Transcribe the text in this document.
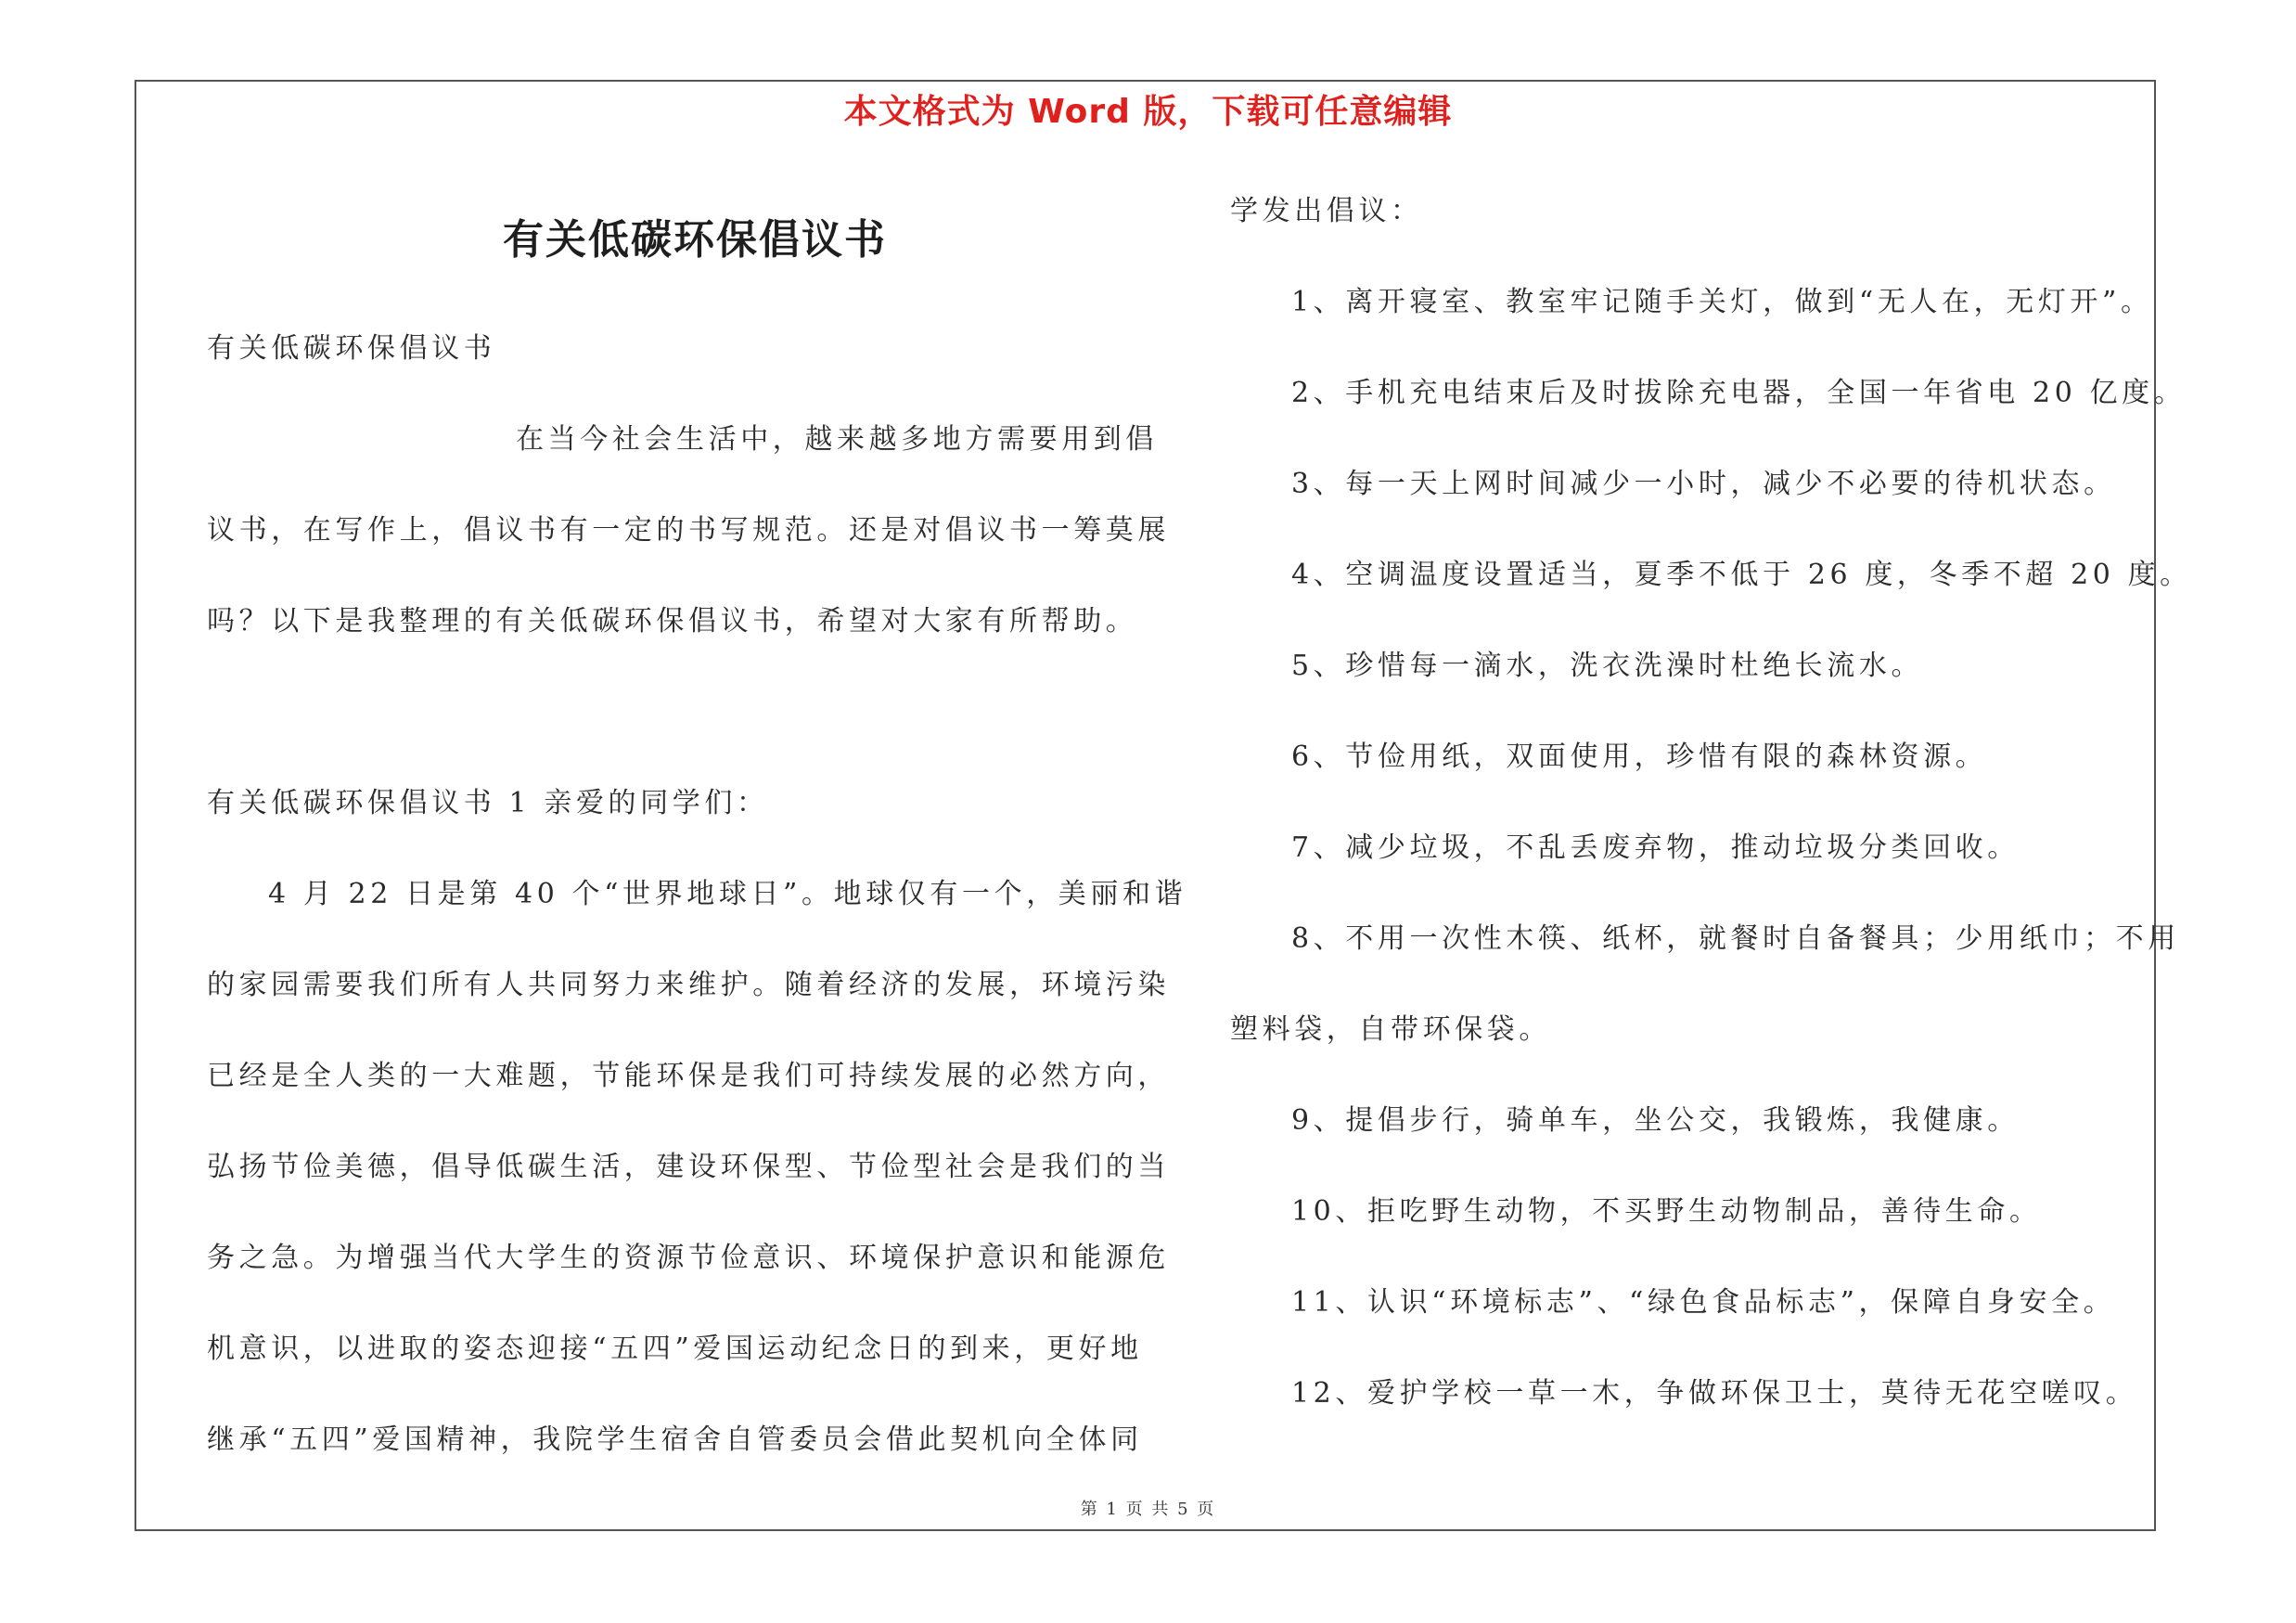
本文格式为 Word 版，下载可任意编辑
有关低碳环保倡议书
有关低碳环保倡议书
在当今社会生活中，越来越多地方需要用到倡
议书，在写作上，倡议书有一定的书写规范。还是对倡议书一筹莫展
吗？以下是我整理的有关低碳环保倡议书，希望对大家有所帮助。
有关低碳环保倡议书 1 亲爱的同学们：
4 月 22 日是第 40 个“世界地球日”。地球仅有一个，美丽和谐
的家园需要我们所有人共同努力来维护。随着经济的发展，环境污染
已经是全人类的一大难题，节能环保是我们可持续发展的必然方向，
弘扬节俭美德，倡导低碳生活，建设环保型、节俭型社会是我们的当
务之急。为增强当代大学生的资源节俭意识、环境保护意识和能源危
机意识，以进取的姿态迎接“五四”爱国运动纪念日的到来，更好地
继承“五四”爱国精神，我院学生宿舍自管委员会借此契机向全体同
学发出倡议：
1、离开寝室、教室牢记随手关灯，做到“无人在，无灯开”。
2、手机充电结束后及时拔除充电器，全国一年省电 20 亿度。
3、每一天上网时间减少一小时，减少不必要的待机状态。
4、空调温度设置适当，夏季不低于 26 度，冬季不超 20 度。
5、珍惜每一滴水，洗衣洗澡时杜绝长流水。
6、节俭用纸，双面使用，珍惜有限的森林资源。
7、减少垃圾，不乱丢废弃物，推动垃圾分类回收。
8、不用一次性木筷、纸杯，就餐时自备餐具；少用纸巾；不用
塑料袋，自带环保袋。
9、提倡步行，骑单车，坐公交，我锻炼，我健康。
10、拒吃野生动物，不买野生动物制品，善待生命。
11、认识“环境标志”、“绿色食品标志”，保障自身安全。
12、爱护学校一草一木，争做环保卫士，莫待无花空嗟叹。
第 1 页 共 5 页
